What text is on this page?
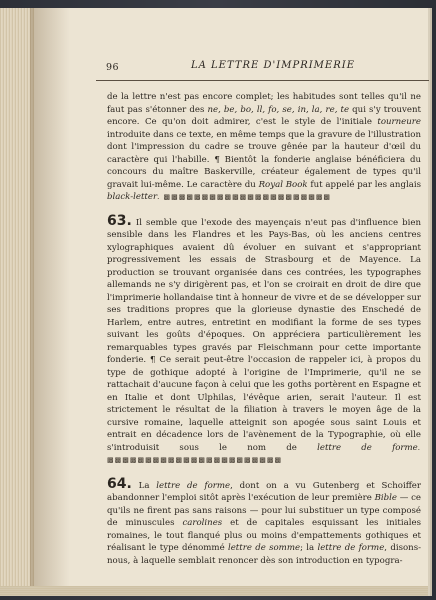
96	LA LETTRE D'IMPRIMERIE

de la lettre n'est pas encore complet; les habitudes sont telles qu'il ne faut pas s'étonner des ne, be, bo, ll, fo, se, in, la, re, te qui s'y trouvent encore. Ce qu'on doit admirer, c'est le style de l'initiale tourneure introduite dans ce texte, en même temps que la gravure de l'illustration dont l'impression du cadre se trouve gênée par la hauteur d'œil du caractère qui l'habille. ¶ Bientôt la fonderie anglaise bénéficiera du concours du maître Baskerville, créateur également de types qu'il gravait lui-même. Le caractère du Royal Book fut appelé par les anglais black-letter. ▩▩▩▩▩▩▩▩▩▩▩▩▩▩▩▩▩▩▩▩▩▩

63. Il semble que l'exode des mayençais n'eut pas d'influence bien sensible dans les Flandres et les Pays-Bas, où les anciens centres xylographiques avaient dû évoluer en suivant et s'appropriant progressivement les essais de Strasbourg et de Mayence. La production se trouvant organisée dans ces contrées, les typographes allemands ne s'y dirigèrent pas, et l'on se croirait en droit de dire que l'imprimerie hollandaise tint à honneur de vivre et de se développer sur ses traditions propres que la glorieuse dynastie des Enschedé de Harlem, entre autres, entretint en modifiant la forme de ses types suivant les goûts d'époques. On appréciera particulièrement les remarquables types gravés par Fleischmann pour cette importante fonderie. ¶ Ce serait peut-être l'occasion de rappeler ici, à propos du type de gothique adopté à l'origine de l'Imprimerie, qu'il ne se rattachait d'aucune façon à celui que les goths portèrent en Espagne et en Italie et dont Ulphilas, l'évêque arien, serait l'auteur. Il est strictement le résultat de la filiation à travers le moyen âge de la cursive romaine, laquelle atteignit son apogée sous saint Louis et entrait en décadence lors de l'avènement de la Typographie, où elle s'introduisit sous le nom de lettre de forme. ▩▩▩▩▩▩▩▩▩▩▩▩▩▩▩▩▩▩▩▩▩▩▩

64. La lettre de forme, dont on a vu Gutenberg et Schoiffer abandonner l'emploi sitôt après l'exécution de leur première Bible — ce qu'ils ne firent pas sans raisons — pour lui substituer un type composé de minuscules carolines et de capitales esquissant les initiales romaines, le tout flanqué plus ou moins d'empattements gothiques et réalisant le type dénommé lettre de somme; la lettre de forme, disons-nous, à laquelle semblait renoncer dès son introduction en typogra-
